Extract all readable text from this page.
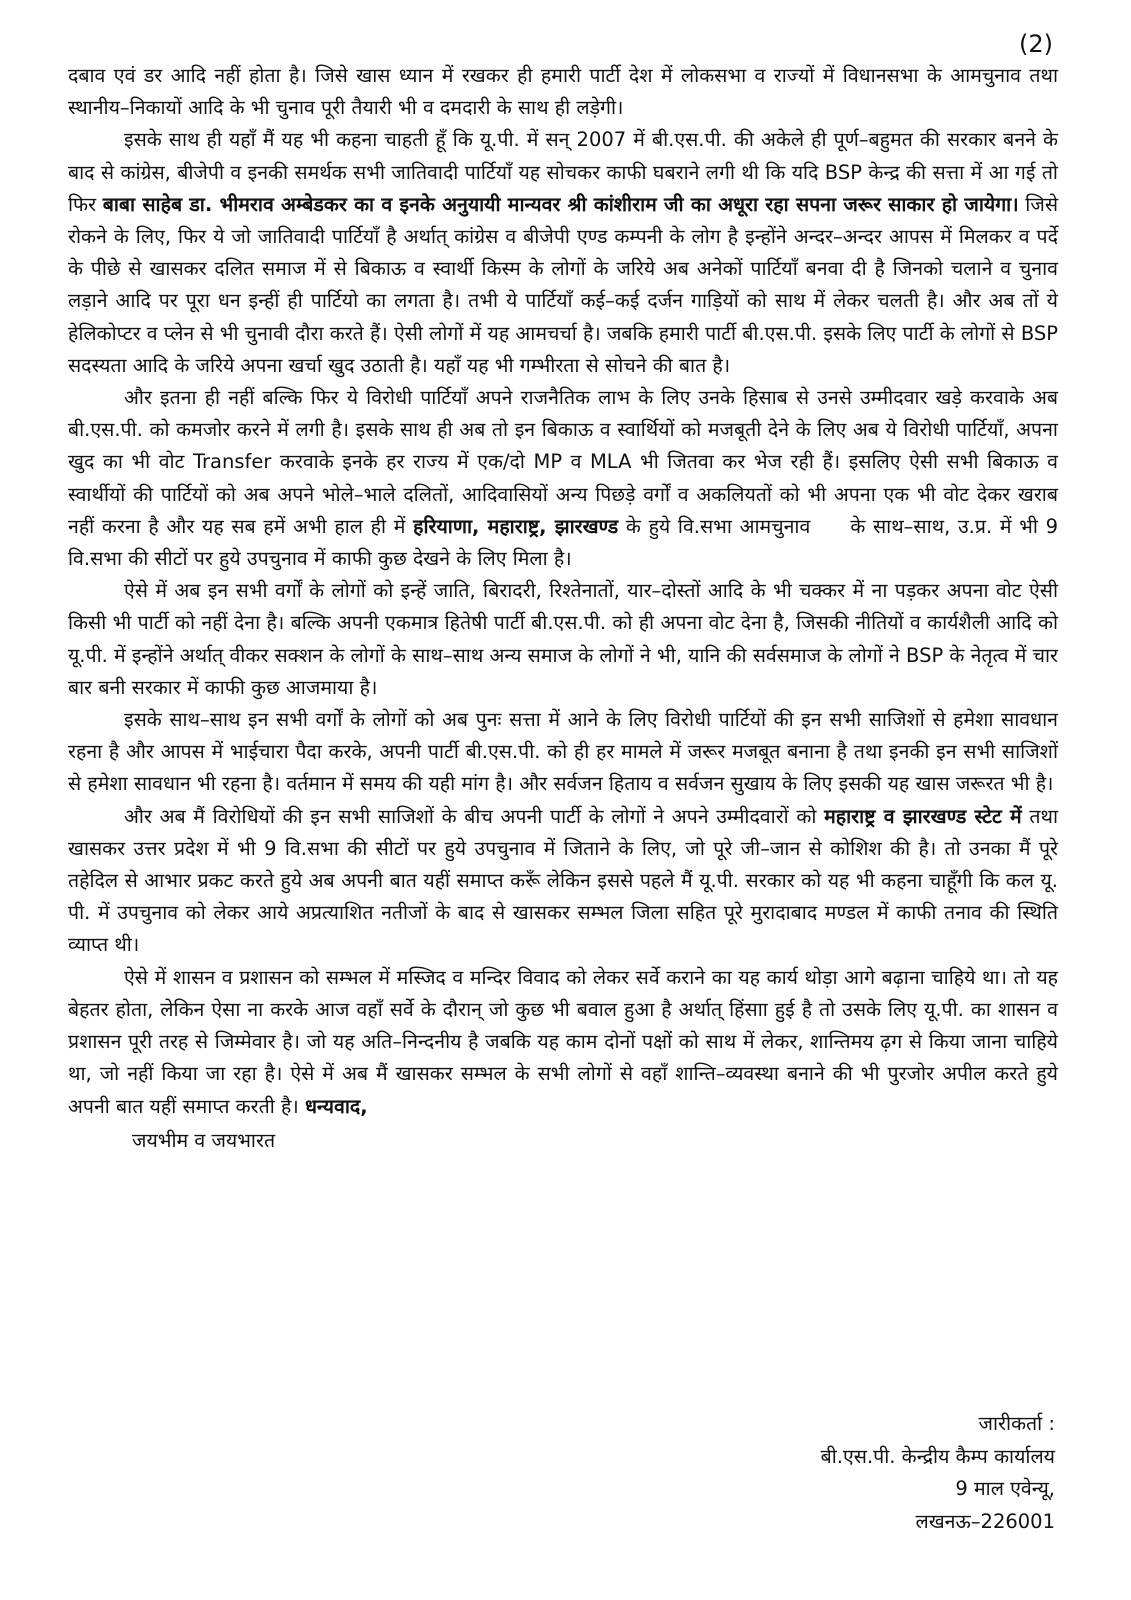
(2)

दबाव एवं डर आदि नहीं होता है। जिसे खास ध्यान में रखकर ही हमारी पार्टी देश में लोकसभा व राज्यों में विधानसभा के आमचुनाव तथा स्थानीय–निकायों आदि के भी चुनाव पूरी तैयारी भी व दमदारी के साथ ही लड़ेगी।

इसके साथ ही यहाँ मैं यह भी कहना चाहती हूँ कि यू.पी. में सन् 2007 में बी.एस.पी. की अकेले ही पूर्ण–बहुमत की सरकार बनने के बाद से कांग्रेस, बीजेपी व इनकी समर्थक सभी जातिवादी पार्टियाँ यह सोचकर काफी घबराने लगी थी कि यदि BSP केन्द्र की सत्ता में आ गई तो फिर बाबा साहेब डा. भीमराव अम्बेडकर का व इनके अनुयायी मान्यवर श्री कांशीराम जी का अधूरा रहा सपना जरूर साकार हो जायेगा। जिसे रोकने के लिए, फिर ये जो जातिवादी पार्टियाँ है अर्थात् कांग्रेस व बीजेपी एण्ड कम्पनी के लोग है इन्होंने अन्दर–अन्दर आपस में मिलकर व पर्दे के पीछे से खासकर दलित समाज में से बिकाऊ व स्वार्थी किस्म के लोगों के जरिये अब अनेकों पार्टियाँ बनवा दी है जिनको चलाने व चुनाव लड़ाने आदि पर पूरा धन इन्हीं ही पार्टियो का लगता है। तभी ये पार्टियाँ कई–कई दर्जन गाड़ियों को साथ में लेकर चलती है। और अब तों ये हेलिकोप्टर व प्लेन से भी चुनावी दौरा करते हैं। ऐसी लोगों में यह आमचर्चा है। जबकि हमारी पार्टी बी.एस.पी. इसके लिए पार्टी के लोगों से BSP सदस्यता आदि के जरिये अपना खर्चा खुद उठाती है। यहाँ यह भी गम्भीरता से सोचने की बात है।

और इतना ही नहीं बल्कि फिर ये विरोधी पार्टियाँ अपने राजनैतिक लाभ के लिए उनके हिसाब से उनसे उम्मीदवार खड़े करवाके अब बी.एस.पी. को कमजोर करने में लगी है। इसके साथ ही अब तो इन बिकाऊ व स्वार्थियों को मजबूती देने के लिए अब ये विरोधी पार्टियाँ, अपना खुद का भी वोट Transfer करवाके इनके हर राज्य में एक/दो MP व MLA भी जितवा कर भेज रही हैं। इसलिए ऐसी सभी बिकाऊ व स्वार्थीयों की पार्टियों को अब अपने भोले–भाले दलितों, आदिवासियों अन्य पिछड़े वर्गों व अकलियतों को भी अपना एक भी वोट देकर खराब नहीं करना है और यह सब हमें अभी हाल ही में हरियाणा, महाराष्ट्र, झारखण्ड के हुये वि.सभा आमचुनाव के साथ–साथ, उ.प्र. में भी 9 वि.सभा की सीटों पर हुये उपचुनाव में काफी कुछ देखने के लिए मिला है।

ऐसे में अब इन सभी वर्गों के लोगों को इन्हें जाति, बिरादरी, रिश्तेनातों, यार–दोस्तों आदि के भी चक्कर में ना पड़कर अपना वोट ऐसी किसी भी पार्टी को नहीं देना है। बल्कि अपनी एकमात्र हितेषी पार्टी बी.एस.पी. को ही अपना वोट देना है, जिसकी नीतियों व कार्यशैली आदि को यू.पी. में इन्होंने अर्थात् वीकर सक्शन के लोगों के साथ–साथ अन्य समाज के लोगों ने भी, यानि की सर्वसमाज के लोगों ने BSP के नेतृत्व में चार बार बनी सरकार में काफी कुछ आजमाया है।

इसके साथ–साथ इन सभी वर्गों के लोगों को अब पुनः सत्ता में आने के लिए विरोधी पार्टियों की इन सभी साजिशों से हमेशा सावधान रहना है और आपस में भाईचारा पैदा करके, अपनी पार्टी बी.एस.पी. को ही हर मामले में जरूर मजबूत बनाना है तथा इनकी इन सभी साजिशों से हमेशा सावधान भी रहना है। वर्तमान में समय की यही मांग है। और सर्वजन हिताय व सर्वजन सुखाय के लिए इसकी यह खास जरूरत भी है।

और अब मैं विरोधियों की इन सभी साजिशों के बीच अपनी पार्टी के लोगों ने अपने उम्मीदवारों को महाराष्ट्र व झारखण्ड स्टेट में तथा खासकर उत्तर प्रदेश में भी 9 वि.सभा की सीटों पर हुये उपचुनाव में जिताने के लिए, जो पूरे जी–जान से कोशिश की है। तो उनका मैं पूरे तहेदिल से आभार प्रकट करते हुये अब अपनी बात यहीं समाप्त करूँ लेकिन इससे पहले मैं यू.पी. सरकार को यह भी कहना चाहूँगी कि कल यू. पी. में उपचुनाव को लेकर आये अप्रत्याशित नतीजों के बाद से खासकर सम्भल जिला सहित पूरे मुरादाबाद मण्डल में काफी तनाव की स्थिति व्याप्त थी।

ऐसे में शासन व प्रशासन को सम्भल में मस्जिद व मन्दिर विवाद को लेकर सर्वे कराने का यह कार्य थोड़ा आगे बढ़ाना चाहिये था। तो यह बेहतर होता, लेकिन ऐसा ना करके आज वहाँ सर्वे के दौरान् जो कुछ भी बवाल हुआ है अर्थात् हिंसाा हुई है तो उसके लिए यू.पी. का शासन व प्रशासन पूरी तरह से जिम्मेवार है। जो यह अति–निन्दनीय है जबकि यह काम दोनों पक्षों को साथ में लेकर, शान्तिमय ढ़ग से किया जाना चाहिये था, जो नहीं किया जा रहा है। ऐसे में अब मैं खासकर सम्भल के सभी लोगों से वहाँ शान्ति–व्यवस्था बनाने की भी पुरजोर अपील करते हुये अपनी बात यहीं समाप्त करती है। धन्यवाद,

जयभीम व जयभारत

जारीकर्ता :
बी.एस.पी. केन्द्रीय कैम्प कार्यालय
9 माल एवेन्यू,
लखनऊ–226001
